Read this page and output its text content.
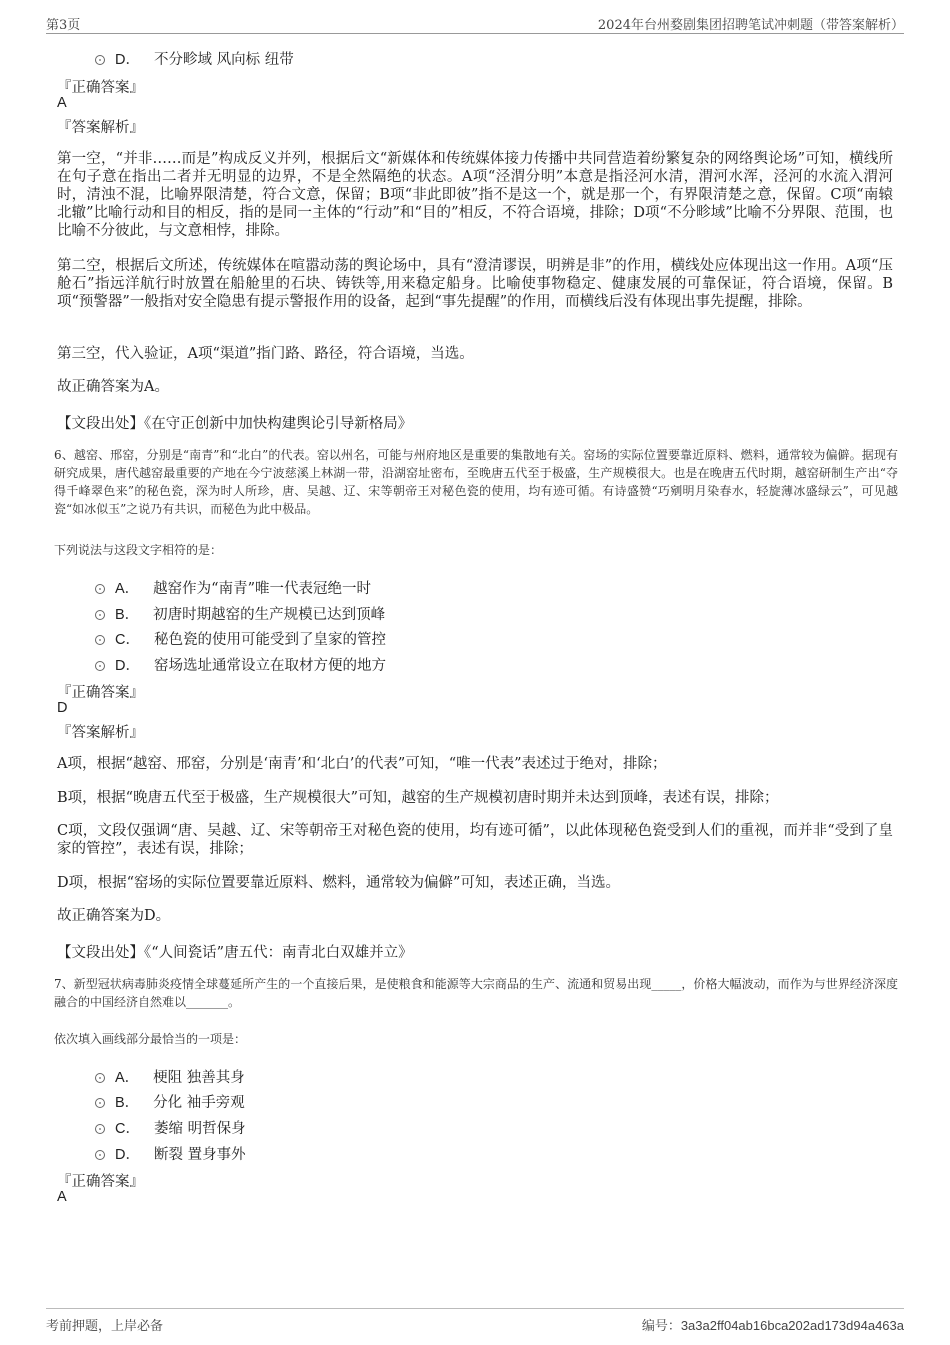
第3页	2024年台州婺剧集团招聘笔试冲刺题（带答案解析）
D． 不分畛域 风向标 纽带
『正确答案』
A
『答案解析』
第一空，“并非……而是”构成反义并列，根据后文“新媒体和传统媒体接力传播中共同营造着纷繁复杂的网络舆论场”可知，横线所在句子意在指出二者并无明显的边界，不是全然隔绝的状态。A项“泾渭分明”本意是指泾河水清，渭河水浑，泾河的水流入渭河时，清浊不混，比喻界限清楚，符合文意，保留；B项“非此即彼”指不是这一个，就是那一个，有界限清楚之意，保留。C项“南辕北辙”比喻行动和目的相反，指的是同一主体的“行动”和“目的”相反，不符合语境，排除；D项“不分畛域”比喻不分界限、范围，也比喻不分彼此，与文意相悖，排除。
第二空，根据后文所述，传统媒体在喧嚣动荡的舆论场中，具有“澄清谬误，明辨是非”的作用，横线处应体现出这一作用。A项“压舱石”指远洋航行时放置在船舱里的石块、铸铁等,用来稳定船身。比喻使事物稳定、健康发展的可靠保证，符合语境，保留。B项“预警器”一般指对安全隐患有提示警报作用的设备，起到“事先提醒”的作用，而横线后没有体现出事先提醒，排除。
第三空，代入验证，A项“渠道”指门路、路径，符合语境，当选。
故正确答案为A。
【文段出处】《在守正创新中加快构建舆论引导新格局》
6、越窑、邢窑，分别是“南青”和“北白”的代表。窑以州名，可能与州府地区是重要的集散地有关。窑场的实际位置要靠近原料、燃料，通常较为偏僻。据现有研究成果，唐代越窑最重要的产地在今宁波慈溪上林湖一带，沿湖窑址密布，至晚唐五代至于极盛，生产规模很大。也是在晚唐五代时期，越窑研制生产出“夺得千峰翠色来”的秘色瓷，深为时人所珍，唐、吴越、辽、宋等朝帝王对秘色瓷的使用，均有迹可循。有诗盛赞“巧剜明月染春水，轻旋薄冰盛绿云”，可见越瓷“如冰似玉”之说乃有共识，而秘色为此中极品。
下列说法与这段文字相符的是：
A． 越窑作为“南青”唯一代表冠绝一时
B． 初唐时期越窑的生产规模已达到顶峰
C． 秘色瓷的使用可能受到了皇家的管控
D． 窑场选址通常设立在取材方便的地方
『正确答案』
D
『答案解析』
A项，根据“越窑、邢窑，分别是‘南青’和‘北白’的代表”可知，“唯一代表”表述过于绝对，排除；
B项，根据“晚唐五代至于极盛，生产规模很大”可知，越窑的生产规模初唐时期并未达到顶峰，表述有误，排除；
C项，文段仅强调“唐、吴越、辽、宋等朝帝王对秘色瓷的使用，均有迹可循”，以此体现秘色瓷受到人们的重视，而并非“受到了皇家的管控”，表述有误，排除；
D项，根据“窑场的实际位置要靠近原料、燃料，通常较为偏僻”可知，表述正确，当选。
故正确答案为D。
【文段出处】《“人间瓷话”唐五代：南青北白双雄并立》
7、新型冠状病毒肺炎疫情全球蔓延所产生的一个直接后果，是使粮食和能源等大宗商品的生产、流通和贸易出现_____，价格大幅波动，而作为与世界经济深度融合的中国经济自然难以_______。
依次填入画线部分最恰当的一项是：
A． 梗阻 独善其身
B． 分化 袖手旁观
C． 萎缩 明哲保身
D． 断裂 置身事外
『正确答案』
A
考前押题，上岸必备	编号：3a3a2ff04ab16bca202ad173d94a463a
